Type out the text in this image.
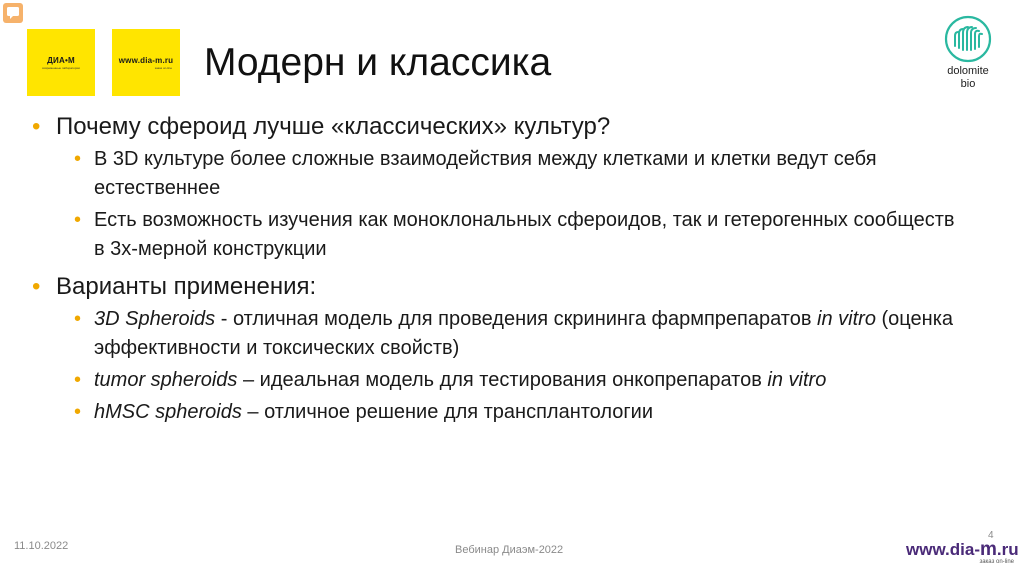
ДИА•М
современные лаборатории
www.dia-m.ru
заказ on-line Модерн и классика	dolomite
bio
• Почему сфероид лучше «классических» культур?
• В 3D культуре более сложные взаимодействия между клетками и клетки ведут себя естественнее
• Есть возможность изучения как моноклональных сфероидов, так и гетерогенных сообществ в 3х-мерной конструкции
• Варианты применения:
• 3D Spheroids - отличная модель для проведения скрининга фармпрепаратов in vitro (оценка эффективности и токсических свойств)
• tumor spheroids – идеальная модель для тестирования онкопрепаратов in vitro
• hMSC spheroids – отличное решение для трансплантологии
11.10.2022	Вебинар Диаэм-2022
4
www.dia-m.ru
заказ on-line
